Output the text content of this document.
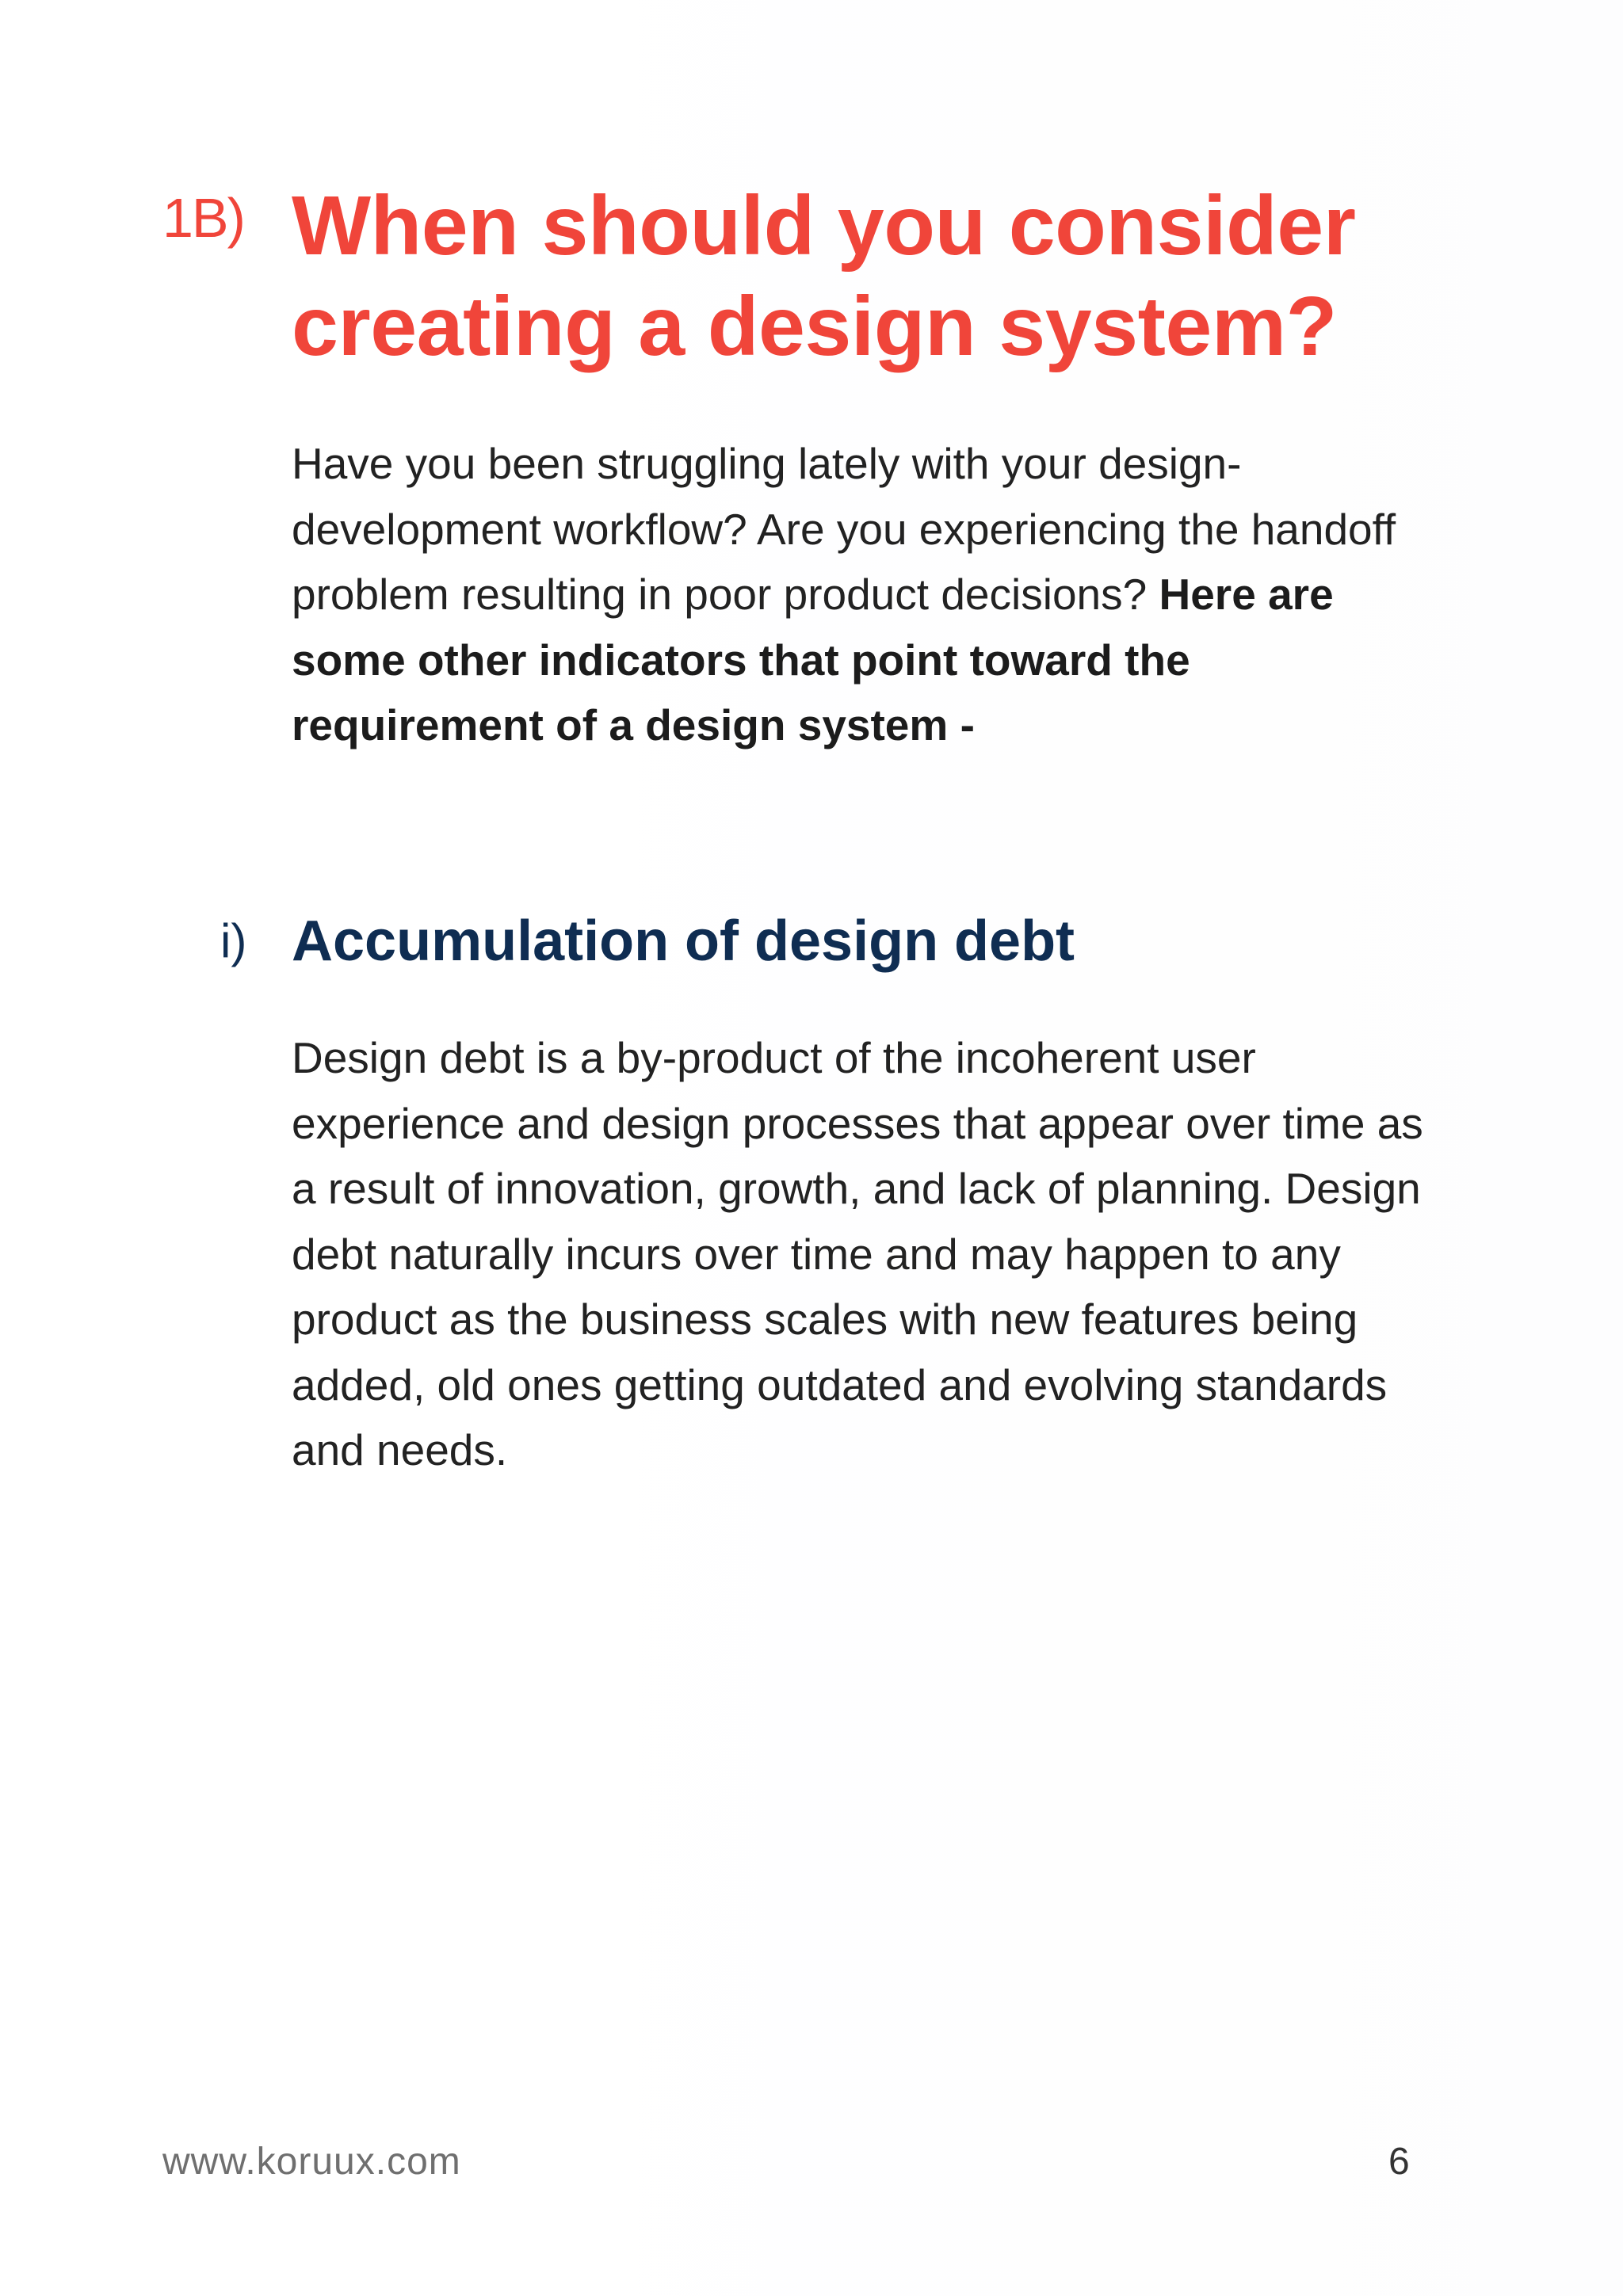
1B) When should you consider creating a design system?

Have you been struggling lately with your design-development workflow? Are you experiencing the handoff problem resulting in poor product decisions? Here are some other indicators that point toward the requirement of a design system -

i) Accumulation of design debt

Design debt is a by-product of the incoherent user experience and design processes that appear over time as a result of innovation, growth, and lack of planning. Design debt naturally incurs over time and may happen to any product as the business scales with new features being added, old ones getting outdated and evolving standards and needs.

www.koruux.com	6
